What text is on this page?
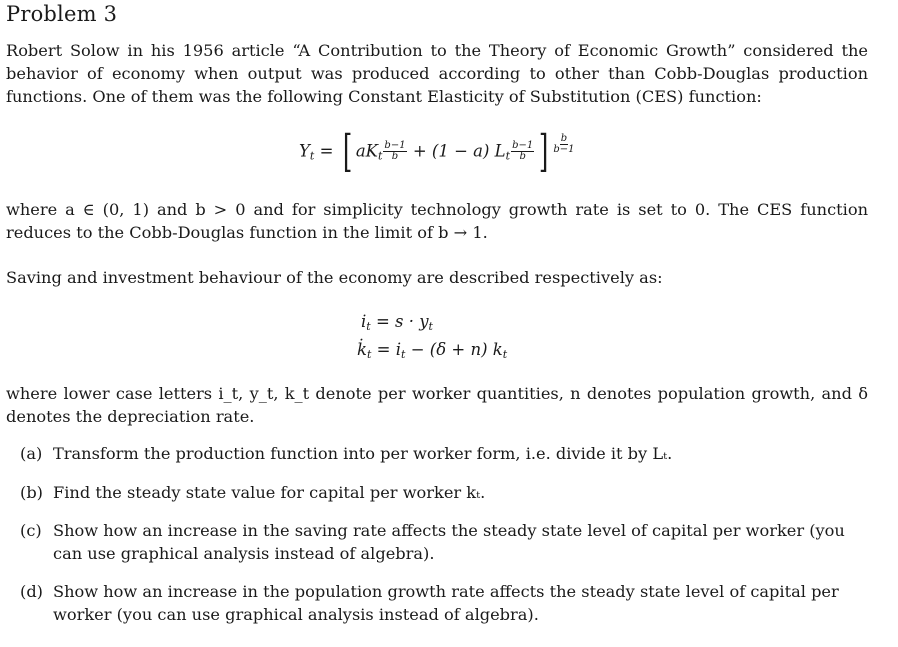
Problem 3
Robert Solow in his 1956 article “A Contribution to the Theory of Economic Growth” considered the behavior of economy when output was produced according to other than Cobb-Douglas production functions. One of them was the following Constant Elasticity of Substitution (CES) function:
$Y_t$ = [ $aK_t \frac{b-1}{b} + (1 - a)$ $L_t \frac{b-1}{b}$ ] $\frac{b}{b-1}$
where a ∈ (0, 1) and b > 0 and for simplicity technology growth rate is set to 0. The CES function reduces to the Cobb-Douglas function in the limit of b → 1.
Saving and investment behaviour of the economy are described respectively as:
$i_t = s \cdot y_t$
$k̇_t = i_t - (\delta + n)$ $k_t$
where lower case letters i_t, y_t, k_t denote per worker quantities, n denotes population growth, and δ denotes the depreciation rate.
(a) Transform the production function into per worker form, i.e. divide it by Lₜ.
(b) Find the steady state value for capital per worker kₜ.
(c) Show how an increase in the saving rate affects the steady state level of capital per worker (you can use graphical analysis instead of algebra).
(d) Show how an increase in the population growth rate affects the steady state level of capital per worker (you can use graphical analysis instead of algebra).
